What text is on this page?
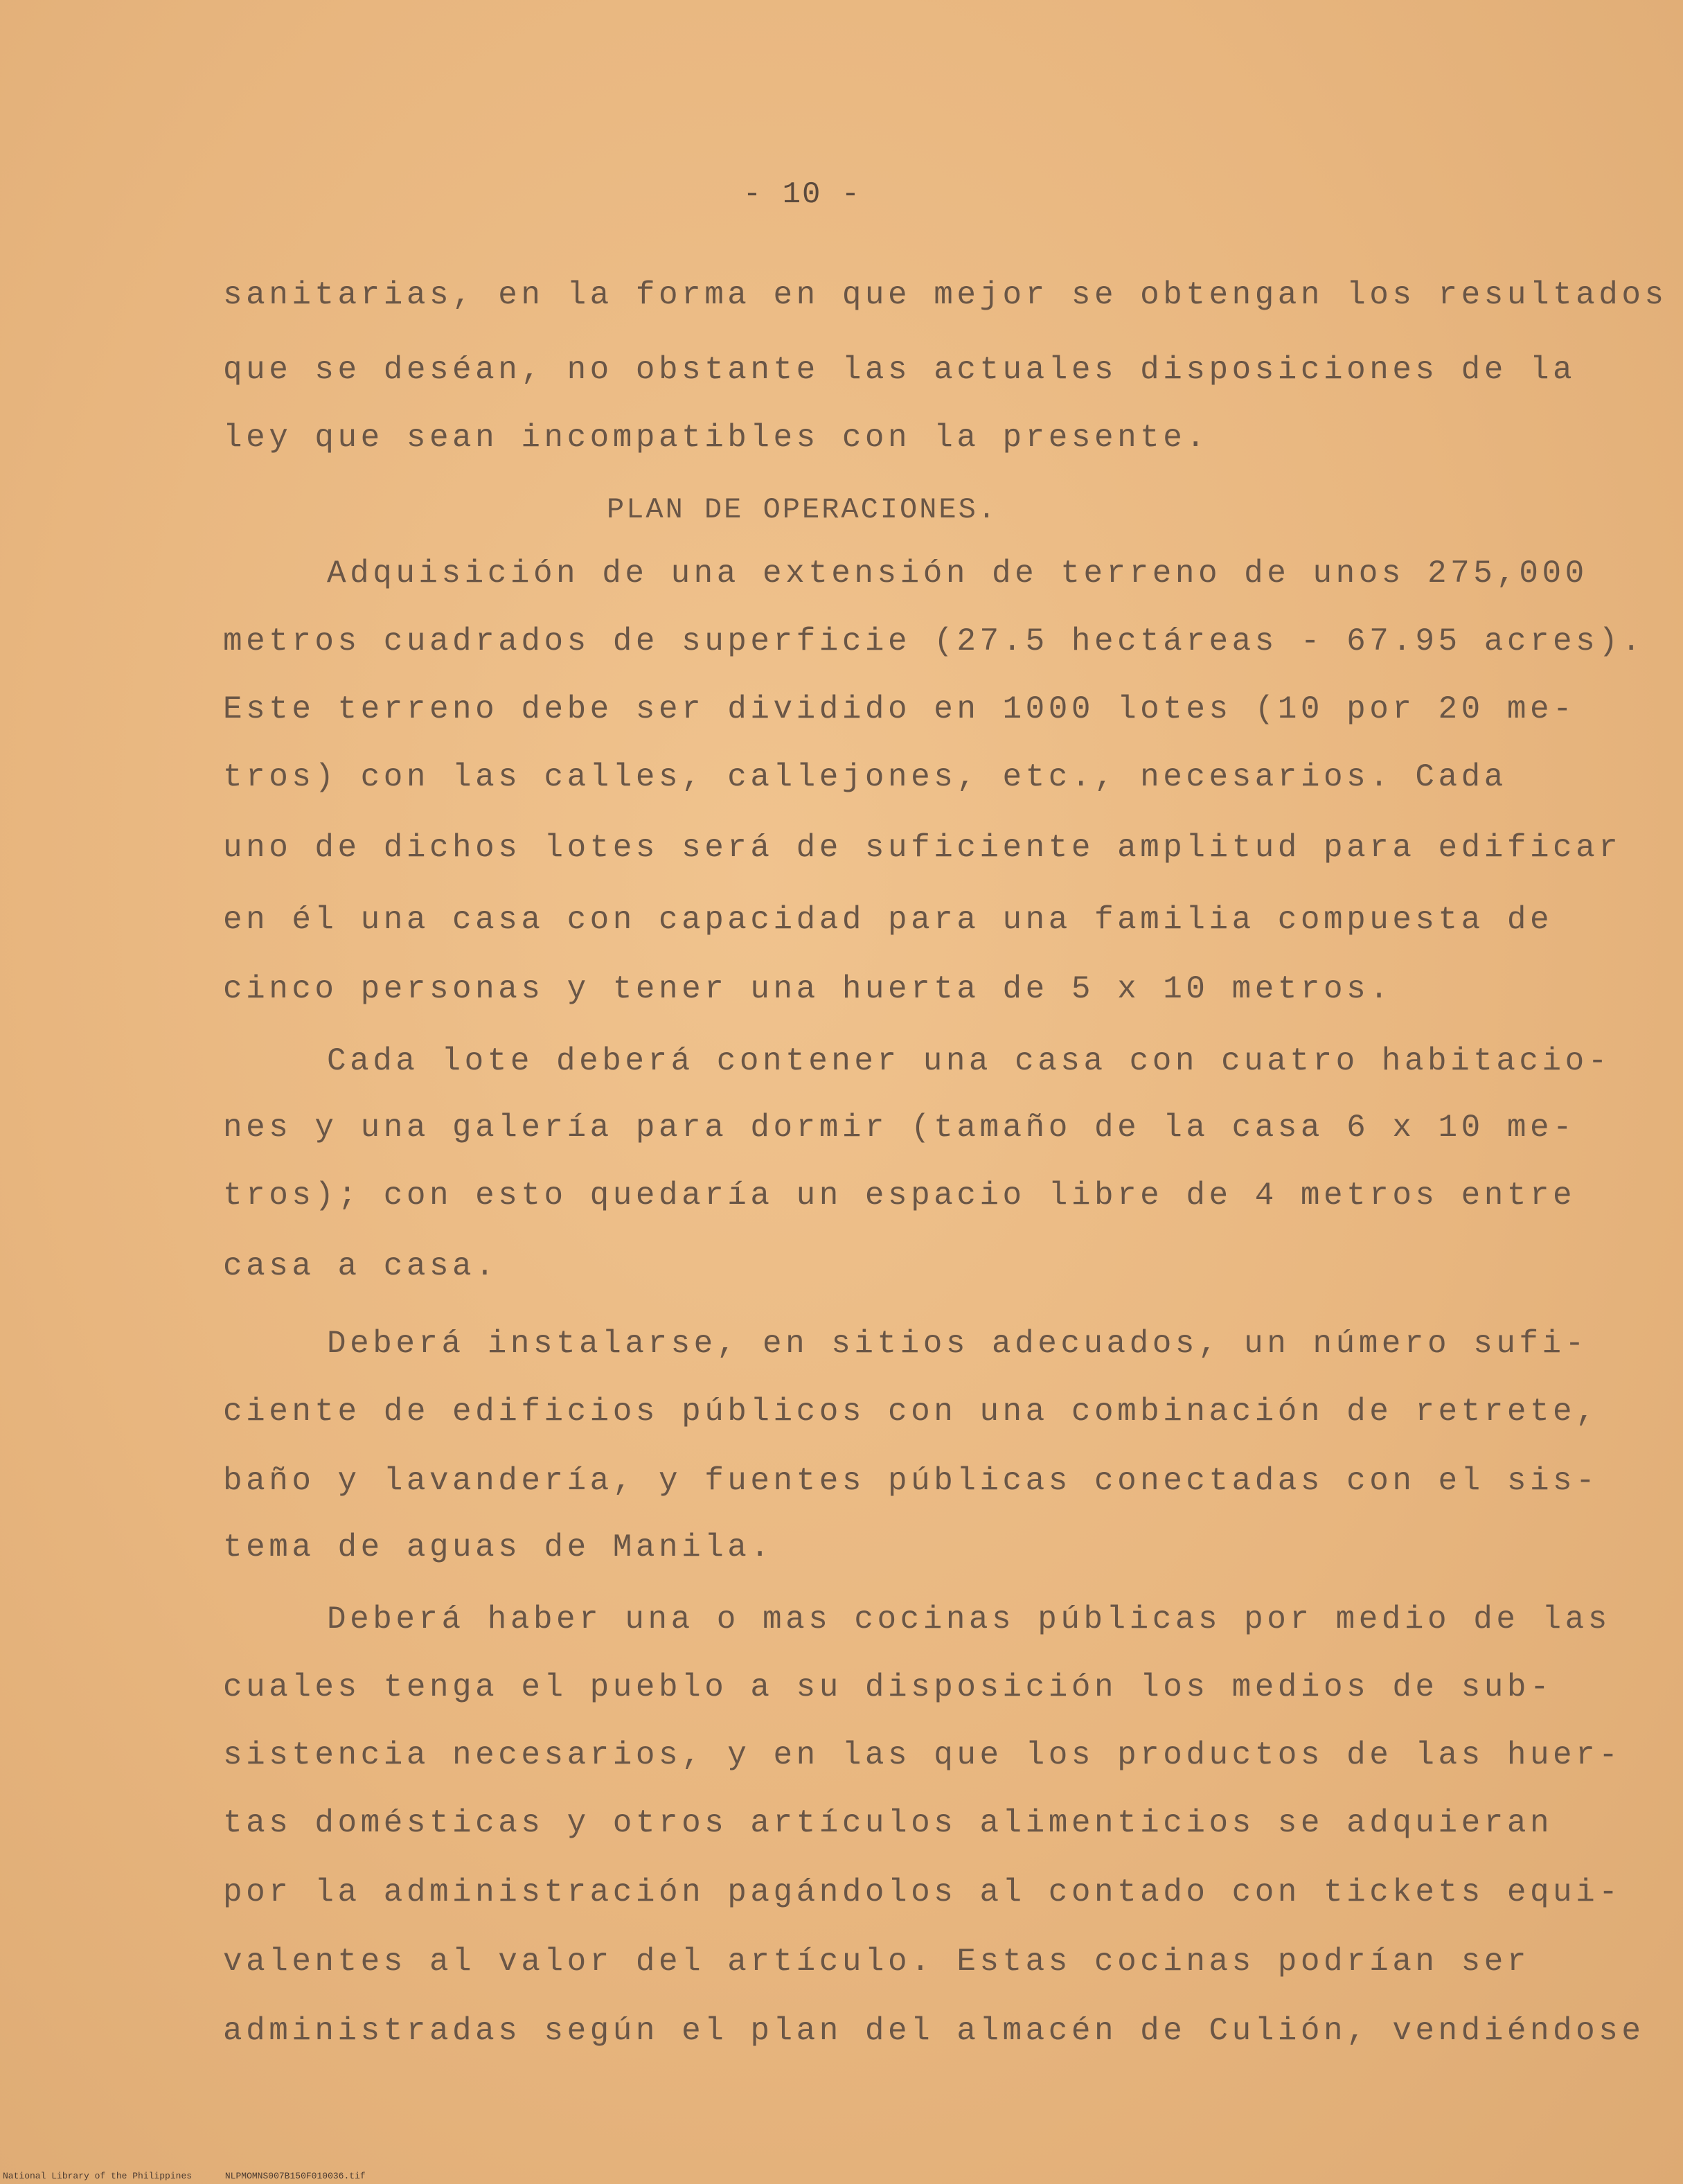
- 10 -
sanitarias, en la forma en que mejor se obtengan los resultados
que se deséan, no obstante las actuales disposiciones de la
ley que sean incompatibles con la presente.
PLAN DE OPERACIONES.
Adquisición de una extensión de terreno de unos 275,000
metros cuadrados de superficie (27.5 hectáreas - 67.95 acres).
Este terreno debe ser dividido en 1000 lotes (10 por 20 me-
tros) con las calles, callejones, etc., necesarios. Cada
uno de dichos lotes será de suficiente amplitud para edificar
en él una casa con capacidad para una familia compuesta de
cinco personas y tener una huerta de 5 x 10 metros.
Cada lote deberá contener una casa con cuatro habitacio-
nes y una galería para dormir (tamaño de la casa 6 x 10 me-
tros); con esto quedaría un espacio libre de 4 metros entre
casa a casa.
Deberá instalarse, en sitios adecuados, un número sufi-
ciente de edificios públicos con una combinación de retrete,
baño y lavandería, y fuentes públicas conectadas con el sis-
tema de aguas de Manila.
Deberá haber una o mas cocinas públicas por medio de las
cuales tenga el pueblo a su disposición los medios de sub-
sistencia necesarios, y en las que los productos de las huer-
tas domésticas y otros artículos alimenticios se adquieran
por la administración pagándolos al contado con tickets equi-
valentes al valor del artículo. Estas cocinas podrían ser
administradas según el plan del almacén de Culión, vendiéndose
National Library of the Philippines	NLPMOMNS007B150F010036.tif
